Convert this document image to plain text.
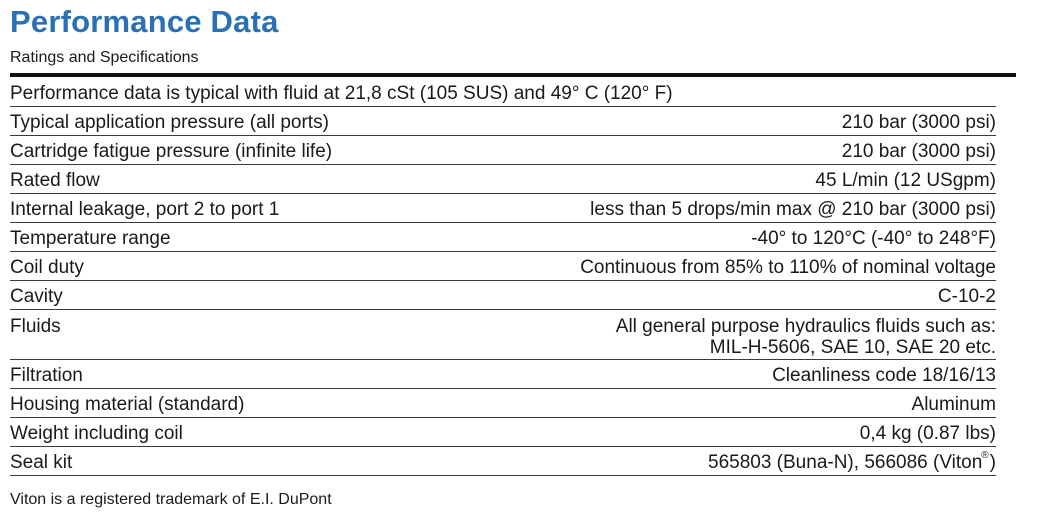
Performance Data
Ratings and Specifications
Performance data is typical with fluid at 21,8 cSt (105 SUS) and 49° C (120° F)
Typical application pressure (all ports)	210 bar (3000 psi)
Cartridge fatigue pressure (infinite life)	210 bar (3000 psi)
Rated flow	45 L/min (12 USgpm)
Internal leakage, port 2 to port 1	less than 5 drops/min max @ 210 bar (3000 psi)
Temperature range	-40° to 120°C (-40° to 248°F)
Coil duty	Continuous from 85% to 110% of nominal voltage
Cavity	C-10-2
Fluids	All general purpose hydraulics fluids such as:
MIL-H-5606, SAE 10, SAE 20 etc.
Filtration	Cleanliness code 18/16/13
Housing material (standard)	Aluminum
Weight including coil	0,4 kg (0.87 lbs)
Seal kit	565803 (Buna-N), 566086 (Viton®)
Viton is a registered trademark of E.I. DuPont
